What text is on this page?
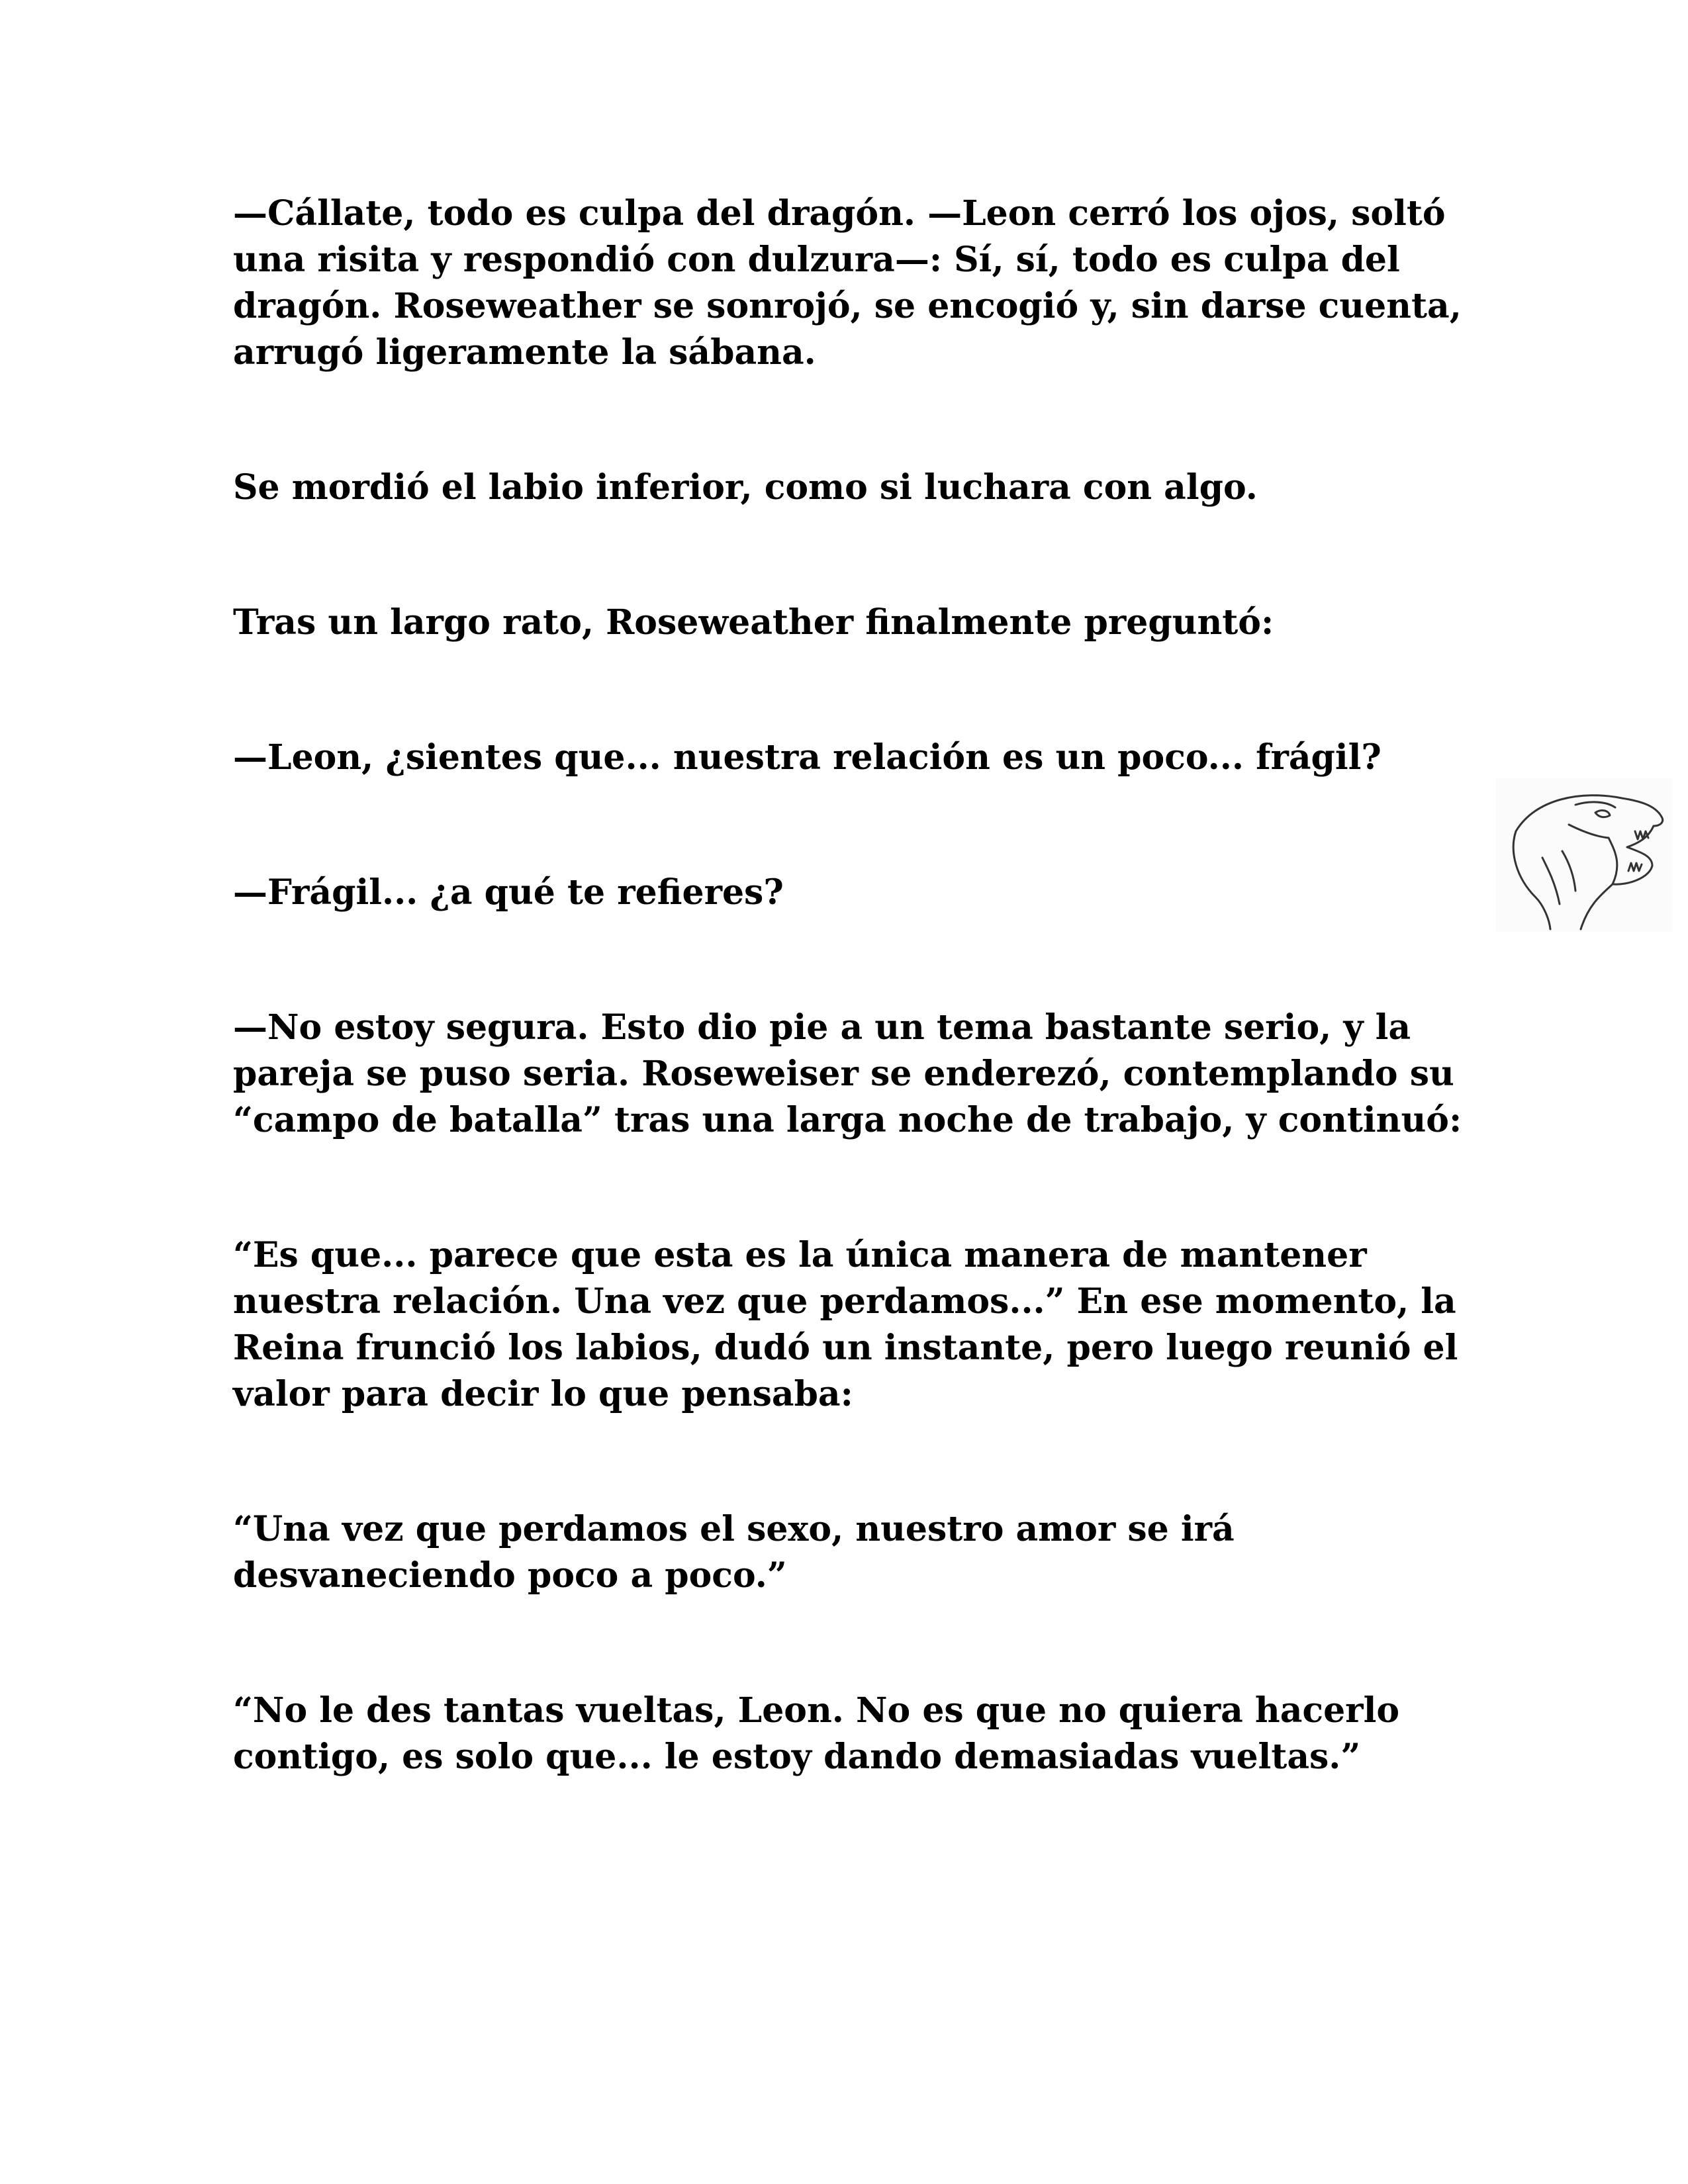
—Cállate, todo es culpa del dragón. —Leon cerró los ojos, soltó una risita y respondió con dulzura—: Sí, sí, todo es culpa del dragón. Roseweather se sonrojó, se encogió y, sin darse cuenta, arrugó ligeramente la sábana.

Se mordió el labio inferior, como si luchara con algo.

Tras un largo rato, Roseweather finalmente preguntó:

—Leon, ¿sientes que... nuestra relación es un poco... frágil?

—Frágil... ¿a qué te refieres?

—No estoy segura. Esto dio pie a un tema bastante serio, y la pareja se puso seria. Roseweiser se enderezó, contemplando su “campo de batalla” tras una larga noche de trabajo, y continuó:

“Es que... parece que esta es la única manera de mantener nuestra relación. Una vez que perdamos...” En ese momento, la Reina frunció los labios, dudó un instante, pero luego reunió el valor para decir lo que pensaba:

“Una vez que perdamos el sexo, nuestro amor se irá desvaneciendo poco a poco.”

“No le des tantas vueltas, Leon. No es que no quiera hacerlo contigo, es solo que... le estoy dando demasiadas vueltas.”
